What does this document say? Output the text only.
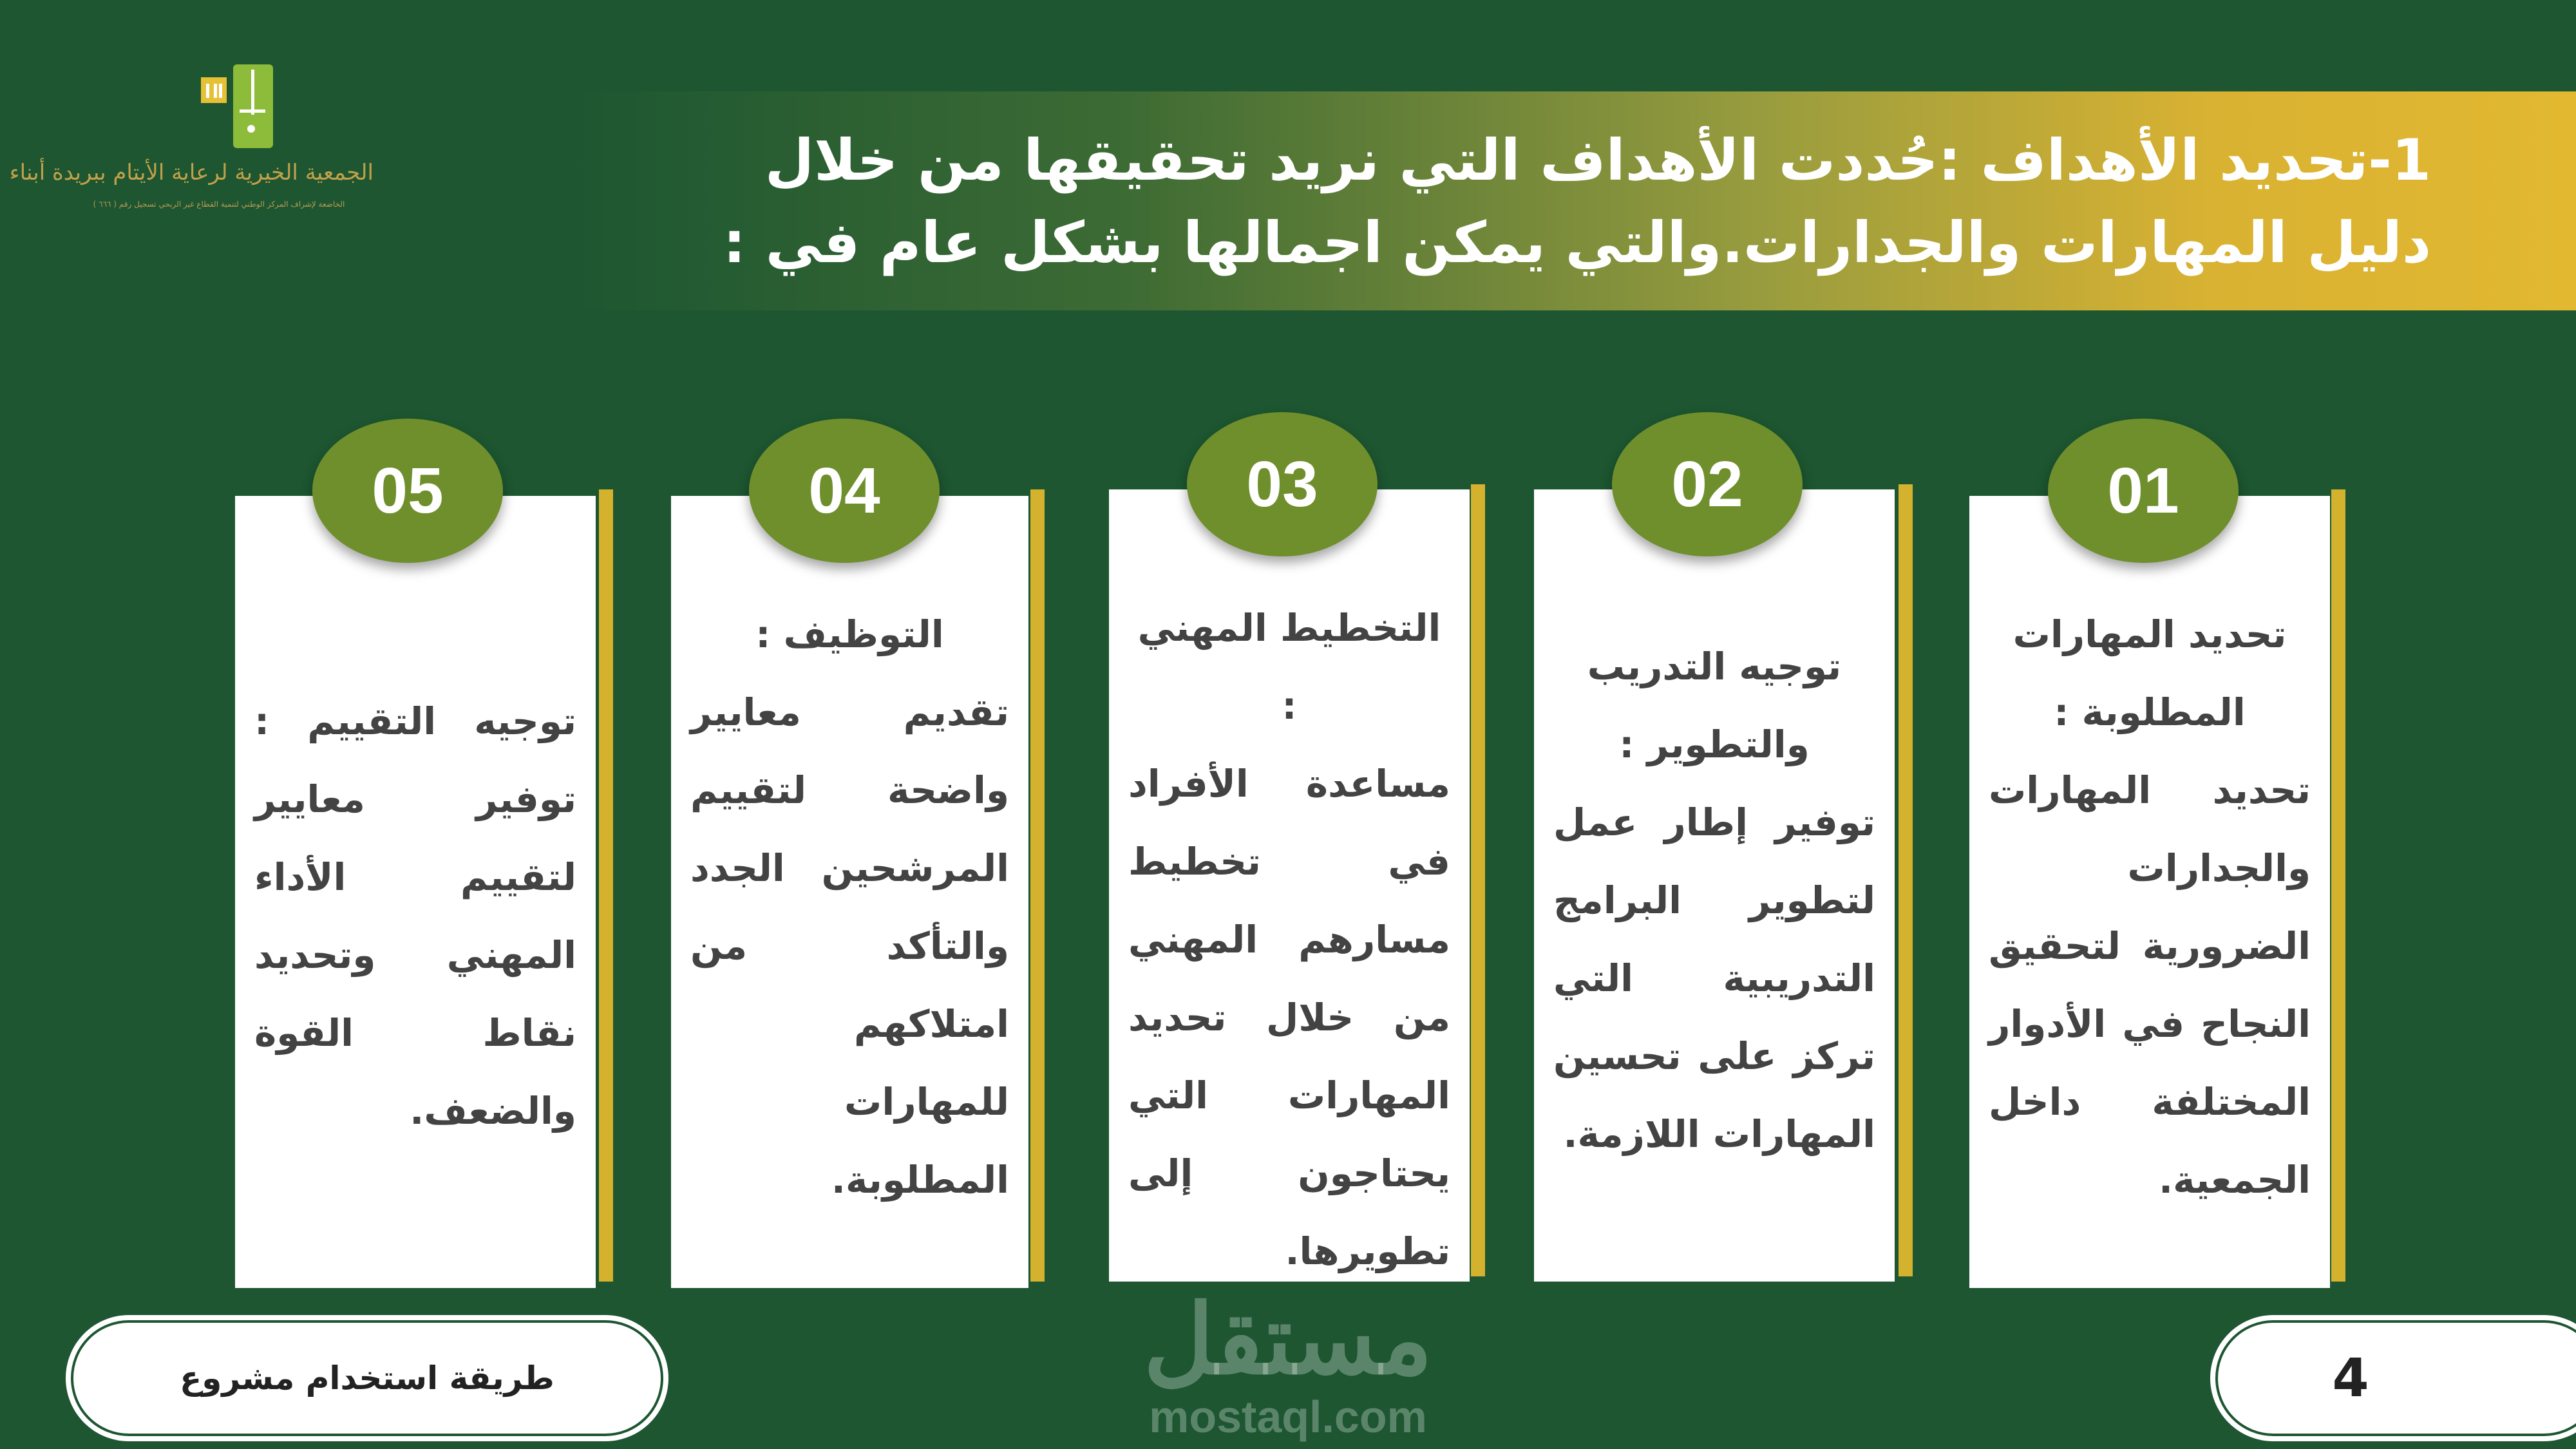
1-تحديد الأهداف :حُددت الأهداف التي نريد تحقيقها من خلال
دليل المهارات والجدارات.والتي يمكن اجمالها بشكل عام في :
الجمعية الخيرية لرعاية الأيتام ببريدة أبناء
الخاضعة لإشراف المركز الوطني لتنمية القطاع غير الربحي تسجيل رقم ( ٦٦٦ )
توجيه التقييم : توفير معايير لتقييم الأداء المهني وتحديد نقاط القوة والضعف.
05
التوظيف :
تقديم معايير واضحة لتقييم المرشحين الجدد والتأكد من امتلاكهم للمهارات المطلوبة.
04
التخطيط المهني :
مساعدة الأفراد في تخطيط مسارهم المهني من خلال تحديد المهارات التي يحتاجون إلى تطويرها.
03
توجيه التدريب والتطوير :
توفير إطار عمل لتطوير البرامج التدريبية التي تركز على تحسين المهارات اللازمة.
02
تحديد المهارات المطلوبة :
تحديد المهارات والجدارات الضرورية لتحقيق النجاح في الأدوار المختلفة داخل الجمعية.
01
مستقل
mostaql.com
طريقة استخدام مشروع	4
